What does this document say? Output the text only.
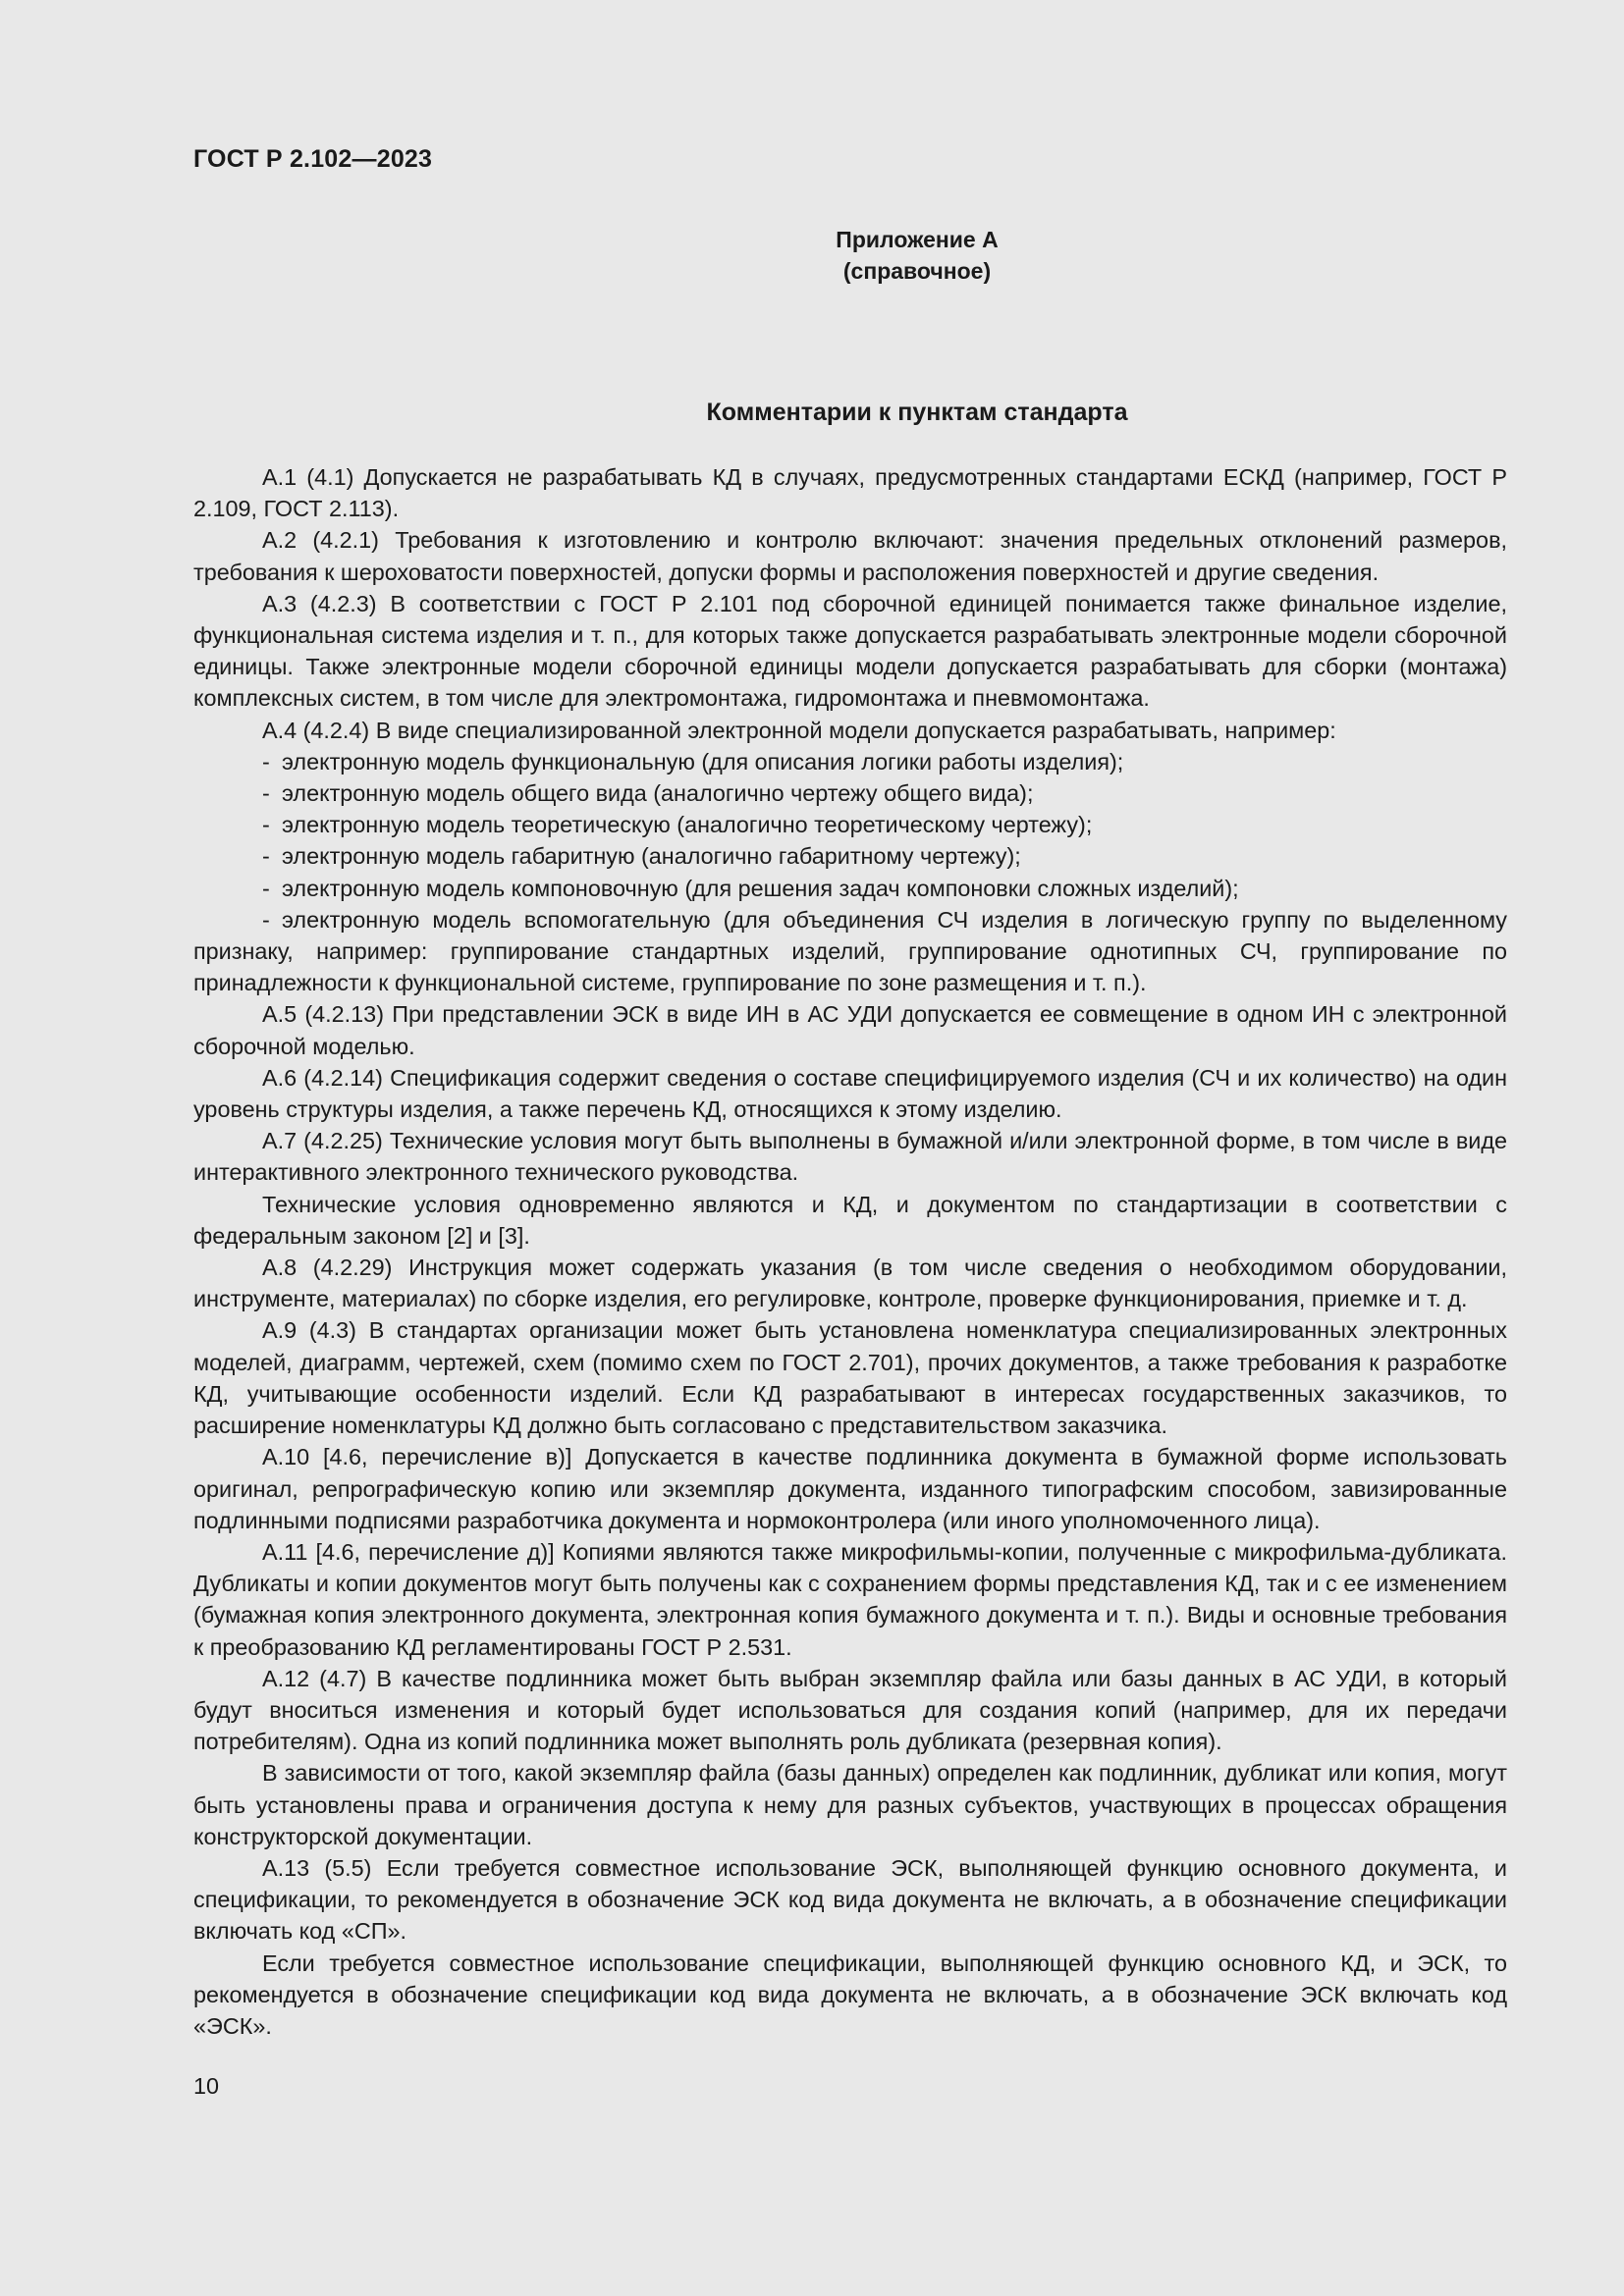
ГОСТ Р 2.102—2023
Приложение А
(справочное)
Комментарии к пунктам стандарта

А.1 (4.1) Допускается не разрабатывать КД в случаях, предусмотренных стандартами ЕСКД (например, ГОСТ Р 2.109, ГОСТ 2.113).

А.2 (4.2.1) Требования к изготовлению и контролю включают: значения предельных отклонений размеров, требования к шероховатости поверхностей, допуски формы и расположения поверхностей и другие сведения.

А.3 (4.2.3) В соответствии с ГОСТ Р 2.101 под сборочной единицей понимается также финальное изделие, функциональная система изделия и т. п., для которых также допускается разрабатывать электронные модели сборочной единицы. Также электронные модели сборочной единицы модели допускается разрабатывать для сборки (монтажа) комплексных систем, в том числе для электромонтажа, гидромонтажа и пневмомонтажа.

А.4 (4.2.4) В виде специализированной электронной модели допускается разрабатывать, например:

- электронную модель функциональную (для описания логики работы изделия);

- электронную модель общего вида (аналогично чертежу общего вида);

- электронную модель теоретическую (аналогично теоретическому чертежу);

- электронную модель габаритную (аналогично габаритному чертежу);

- электронную модель компоновочную (для решения задач компоновки сложных изделий);

- электронную модель вспомогательную (для объединения СЧ изделия в логическую группу по выделенному признаку, например: группирование стандартных изделий, группирование однотипных СЧ, группирование по принадлежности к функциональной системе, группирование по зоне размещения и т. п.).

А.5 (4.2.13) При представлении ЭСК в виде ИН в АС УДИ допускается ее совмещение в одном ИН с электронной сборочной моделью.

А.6 (4.2.14) Спецификация содержит сведения о составе специфицируемого изделия (СЧ и их количество) на один уровень структуры изделия, а также перечень КД, относящихся к этому изделию.

А.7 (4.2.25) Технические условия могут быть выполнены в бумажной и/или электронной форме, в том числе в виде интерактивного электронного технического руководства.

Технические условия одновременно являются и КД, и документом по стандартизации в соответствии с федеральным законом [2] и [3].

А.8 (4.2.29) Инструкция может содержать указания (в том числе сведения о необходимом оборудовании, инструменте, материалах) по сборке изделия, его регулировке, контроле, проверке функционирования, приемке и т. д.

А.9 (4.3) В стандартах организации может быть установлена номенклатура специализированных электронных моделей, диаграмм, чертежей, схем (помимо схем по ГОСТ 2.701), прочих документов, а также требования к разработке КД, учитывающие особенности изделий. Если КД разрабатывают в интересах государственных заказчиков, то расширение номенклатуры КД должно быть согласовано с представительством заказчика.

А.10 [4.6, перечисление в)] Допускается в качестве подлинника документа в бумажной форме использовать оригинал, репрографическую копию или экземпляр документа, изданного типографским способом, завизированные подлинными подписями разработчика документа и нормоконтролера (или иного уполномоченного лица).

А.11 [4.6, перечисление д)] Копиями являются также микрофильмы-копии, полученные с микрофильма-дубликата. Дубликаты и копии документов могут быть получены как с сохранением формы представления КД, так и с ее изменением (бумажная копия электронного документа, электронная копия бумажного документа и т. п.). Виды и основные требования к преобразованию КД регламентированы ГОСТ Р 2.531.

А.12 (4.7) В качестве подлинника может быть выбран экземпляр файла или базы данных в АС УДИ, в который будут вноситься изменения и который будет использоваться для создания копий (например, для их передачи потребителям). Одна из копий подлинника может выполнять роль дубликата (резервная копия).

В зависимости от того, какой экземпляр файла (базы данных) определен как подлинник, дубликат или копия, могут быть установлены права и ограничения доступа к нему для разных субъектов, участвующих в процессах обращения конструкторской документации.

А.13 (5.5) Если требуется совместное использование ЭСК, выполняющей функцию основного документа, и спецификации, то рекомендуется в обозначение ЭСК код вида документа не включать, а в обозначение спецификации включать код «СП».

Если требуется совместное использование спецификации, выполняющей функцию основного КД, и ЭСК, то рекомендуется в обозначение спецификации код вида документа не включать, а в обозначение ЭСК включать код «ЭСК».

10
